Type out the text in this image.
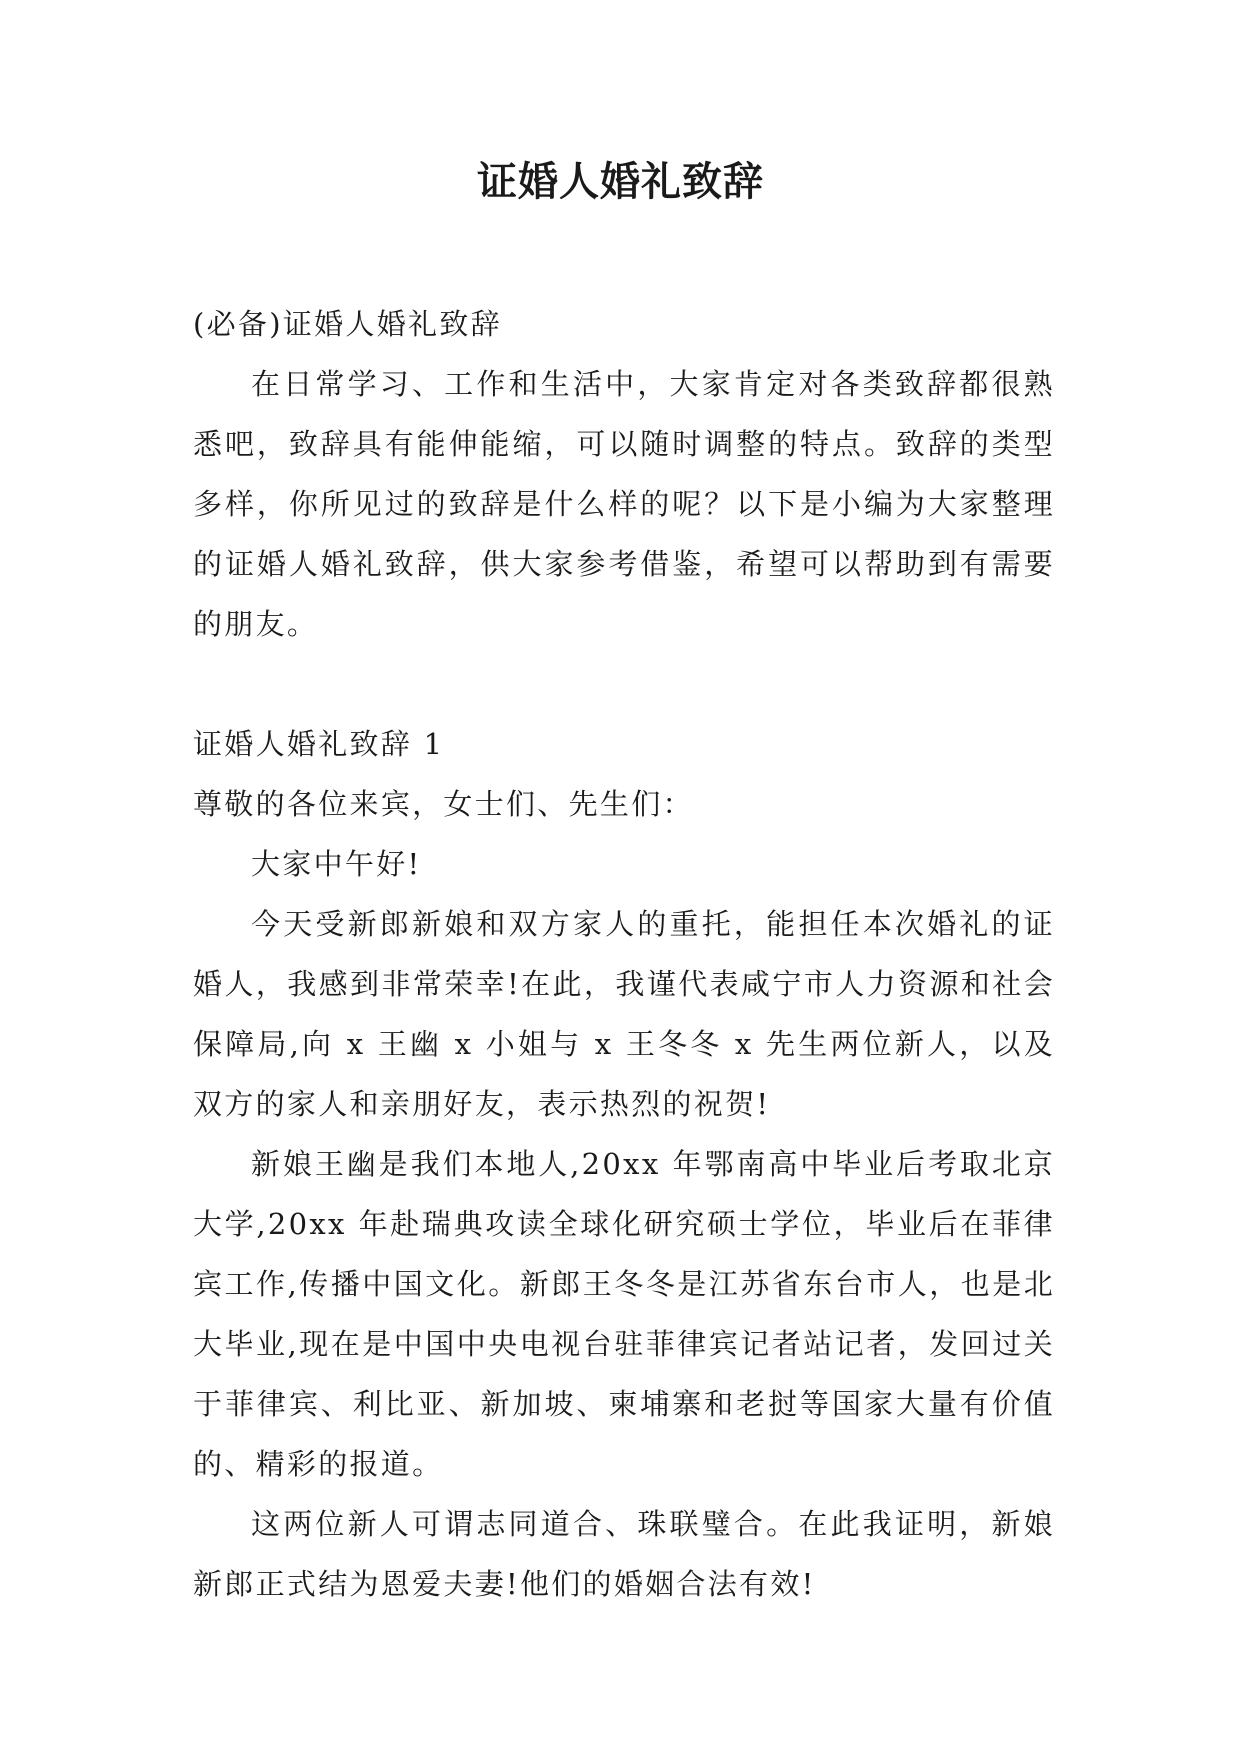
证婚人婚礼致辞

(必备)证婚人婚礼致辞

在日常学习、工作和生活中，大家肯定对各类致辞都很熟悉吧，致辞具有能伸能缩，可以随时调整的特点。致辞的类型多样，你所见过的致辞是什么样的呢？以下是小编为大家整理的证婚人婚礼致辞，供大家参考借鉴，希望可以帮助到有需要的朋友。

证婚人婚礼致辞 1

尊敬的各位来宾，女士们、先生们：

大家中午好!

今天受新郎新娘和双方家人的重托，能担任本次婚礼的证婚人，我感到非常荣幸!在此，我谨代表咸宁市人力资源和社会保障局,向 x 王幽 x 小姐与 x 王冬冬 x 先生两位新人，以及双方的家人和亲朋好友，表示热烈的祝贺!

新娘王幽是我们本地人,20xx 年鄂南高中毕业后考取北京大学,20xx 年赴瑞典攻读全球化研究硕士学位，毕业后在菲律宾工作,传播中国文化。新郎王冬冬是江苏省东台市人，也是北大毕业,现在是中国中央电视台驻菲律宾记者站记者，发回过关于菲律宾、利比亚、新加坡、柬埔寨和老挝等国家大量有价值的、精彩的报道。

这两位新人可谓志同道合、珠联璧合。在此我证明，新娘新郎正式结为恩爱夫妻!他们的婚姻合法有效!
